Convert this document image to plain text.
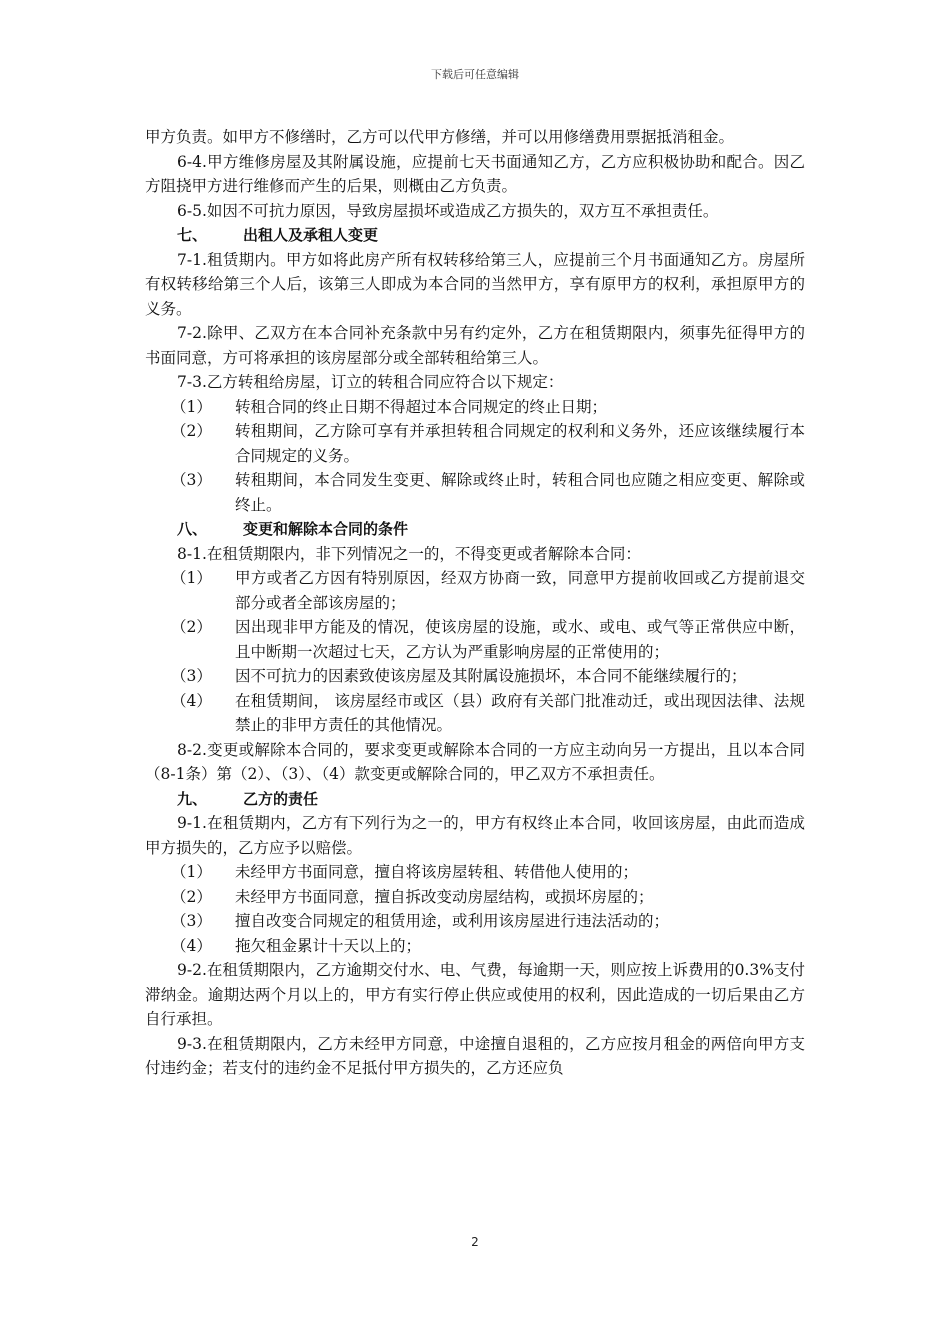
下载后可任意编辑

甲方负责。如甲方不修缮时，乙方可以代甲方修缮，并可以用修缮费用票据抵消租金。

6-4.甲方维修房屋及其附属设施，应提前七天书面通知乙方，乙方应积极协助和配合。因乙方阻挠甲方进行维修而产生的后果，则概由乙方负责。

6-5.如因不可抗力原因，导致房屋损坏或造成乙方损失的，双方互不承担责任。

七、 出租人及承租人变更

7-1.租赁期内。甲方如将此房产所有权转移给第三人，应提前三个月书面通知乙方。房屋所有权转移给第三个人后，该第三人即成为本合同的当然甲方，享有原甲方的权利，承担原甲方的义务。

7-2.除甲、乙双方在本合同补充条款中另有约定外，乙方在租赁期限内，须事先征得甲方的书面同意，方可将承担的该房屋部分或全部转租给第三人。

7-3.乙方转租给房屋，订立的转租合同应符合以下规定：

（1）	转租合同的终止日期不得超过本合同规定的终止日期；
（2）	转租期间，乙方除可享有并承担转租合同规定的权利和义务外，还应该继续履行本合同规定的义务。
（3）	转租期间，本合同发生变更、解除或终止时，转租合同也应随之相应变更、解除或终止。

八、 变更和解除本合同的条件

8-1.在租赁期限内，非下列情况之一的，不得变更或者解除本合同：

（1）	甲方或者乙方因有特别原因，经双方协商一致，同意甲方提前收回或乙方提前退交部分或者全部该房屋的；
（2）	因出现非甲方能及的情况，使该房屋的设施，或水、或电、或气等正常供应中断，且中断期一次超过七天，乙方认为严重影响房屋的正常使用的；
（3）	因不可抗力的因素致使该房屋及其附属设施损坏，本合同不能继续履行的；
（4）	在租赁期间， 该房屋经市或区（县）政府有关部门批准动迁，或出现因法律、法规禁止的非甲方责任的其他情况。

8-2.变更或解除本合同的，要求变更或解除本合同的一方应主动向另一方提出，且以本合同（8-1条）第（2）、（3）、（4）款变更或解除合同的，甲乙双方不承担责任。

九、 乙方的责任

9-1.在租赁期内，乙方有下列行为之一的，甲方有权终止本合同，收回该房屋，由此而造成甲方损失的，乙方应予以赔偿。

（1）	未经甲方书面同意，擅自将该房屋转租、转借他人使用的；
（2）	未经甲方书面同意，擅自拆改变动房屋结构，或损坏房屋的；
（3）	擅自改变合同规定的租赁用途，或利用该房屋进行违法活动的；
（4）	拖欠租金累计十天以上的；

9-2.在租赁期限内，乙方逾期交付水、电、气费，每逾期一天，则应按上诉费用的0.3%支付滞纳金。逾期达两个月以上的，甲方有实行停止供应或使用的权利，因此造成的一切后果由乙方自行承担。

9-3.在租赁期限内，乙方未经甲方同意，中途擅自退租的，乙方应按月租金的两倍向甲方支付违约金；若支付的违约金不足抵付甲方损失的，乙方还应负

2
